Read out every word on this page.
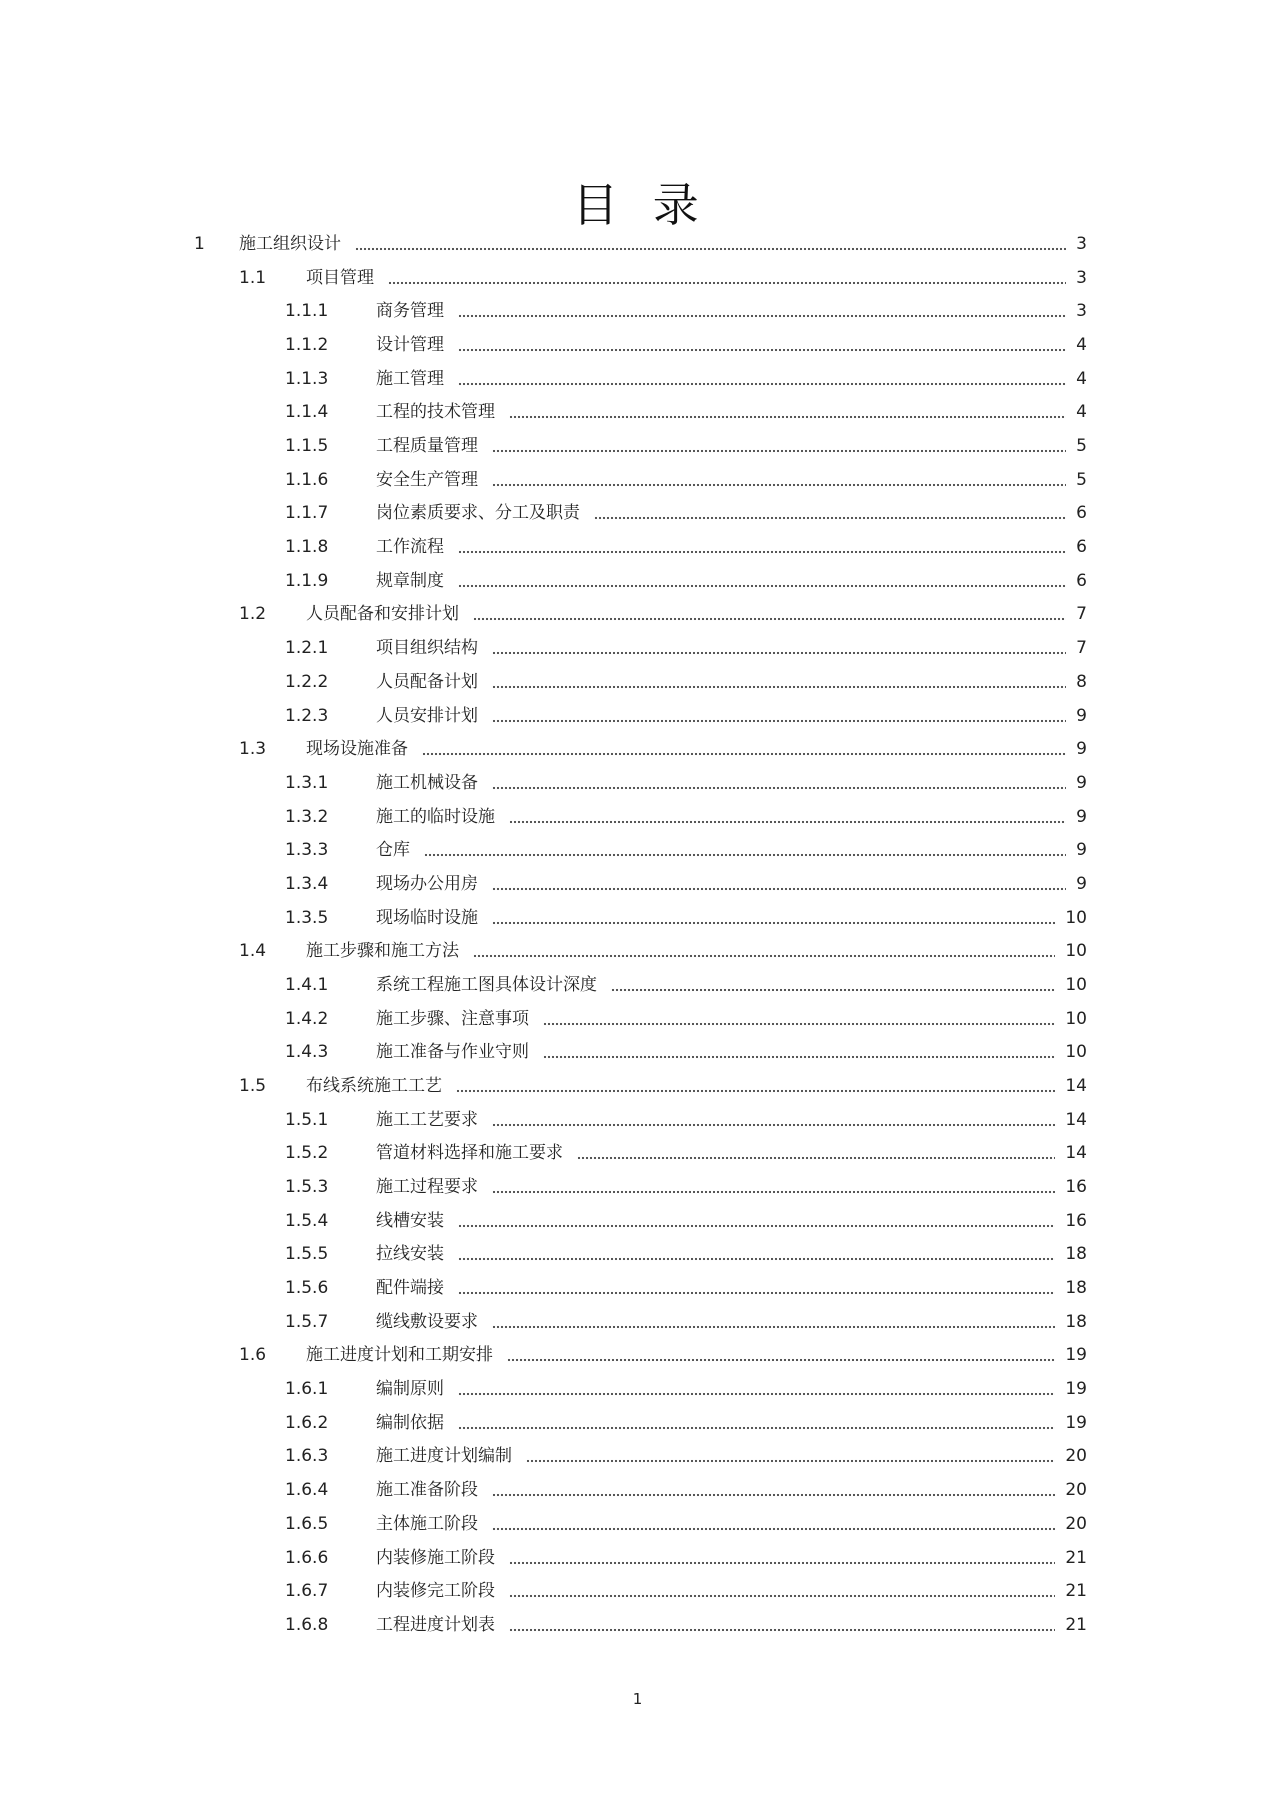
目 录
1 施工组织设计	3
1.1 项目管理	3
1.1.1	商务管理	3
1.1.2	设计管理	4
1.1.3	施工管理	4
1.1.4	工程的技术管理	4
1.1.5	工程质量管理	5
1.1.6	安全生产管理	5
1.1.7	岗位素质要求、分工及职责	6
1.1.8	工作流程	6
1.1.9	规章制度	6
1.2 人员配备和安排计划	7
1.2.1	项目组织结构	7
1.2.2	人员配备计划	8
1.2.3	人员安排计划	9
1.3 现场设施准备	9
1.3.1	施工机械设备	9
1.3.2	施工的临时设施	9
1.3.3	仓库	9
1.3.4	现场办公用房	9
1.3.5	现场临时设施	10
1.4 施工步骤和施工方法	10
1.4.1	系统工程施工图具体设计深度	10
1.4.2	施工步骤、注意事项	10
1.4.3	施工准备与作业守则	10
1.5 布线系统施工工艺	14
1.5.1	施工工艺要求	14
1.5.2	管道材料选择和施工要求	14
1.5.3	施工过程要求	16
1.5.4	线槽安装	16
1.5.5	拉线安装	18
1.5.6	配件端接	18
1.5.7	缆线敷设要求	18
1.6 施工进度计划和工期安排	19
1.6.1	编制原则	19
1.6.2	编制依据	19
1.6.3	施工进度计划编制	20
1.6.4	施工准备阶段	20
1.6.5	主体施工阶段	20
1.6.6	内装修施工阶段	21
1.6.7	内装修完工阶段	21
1.6.8	工程进度计划表	21
1
